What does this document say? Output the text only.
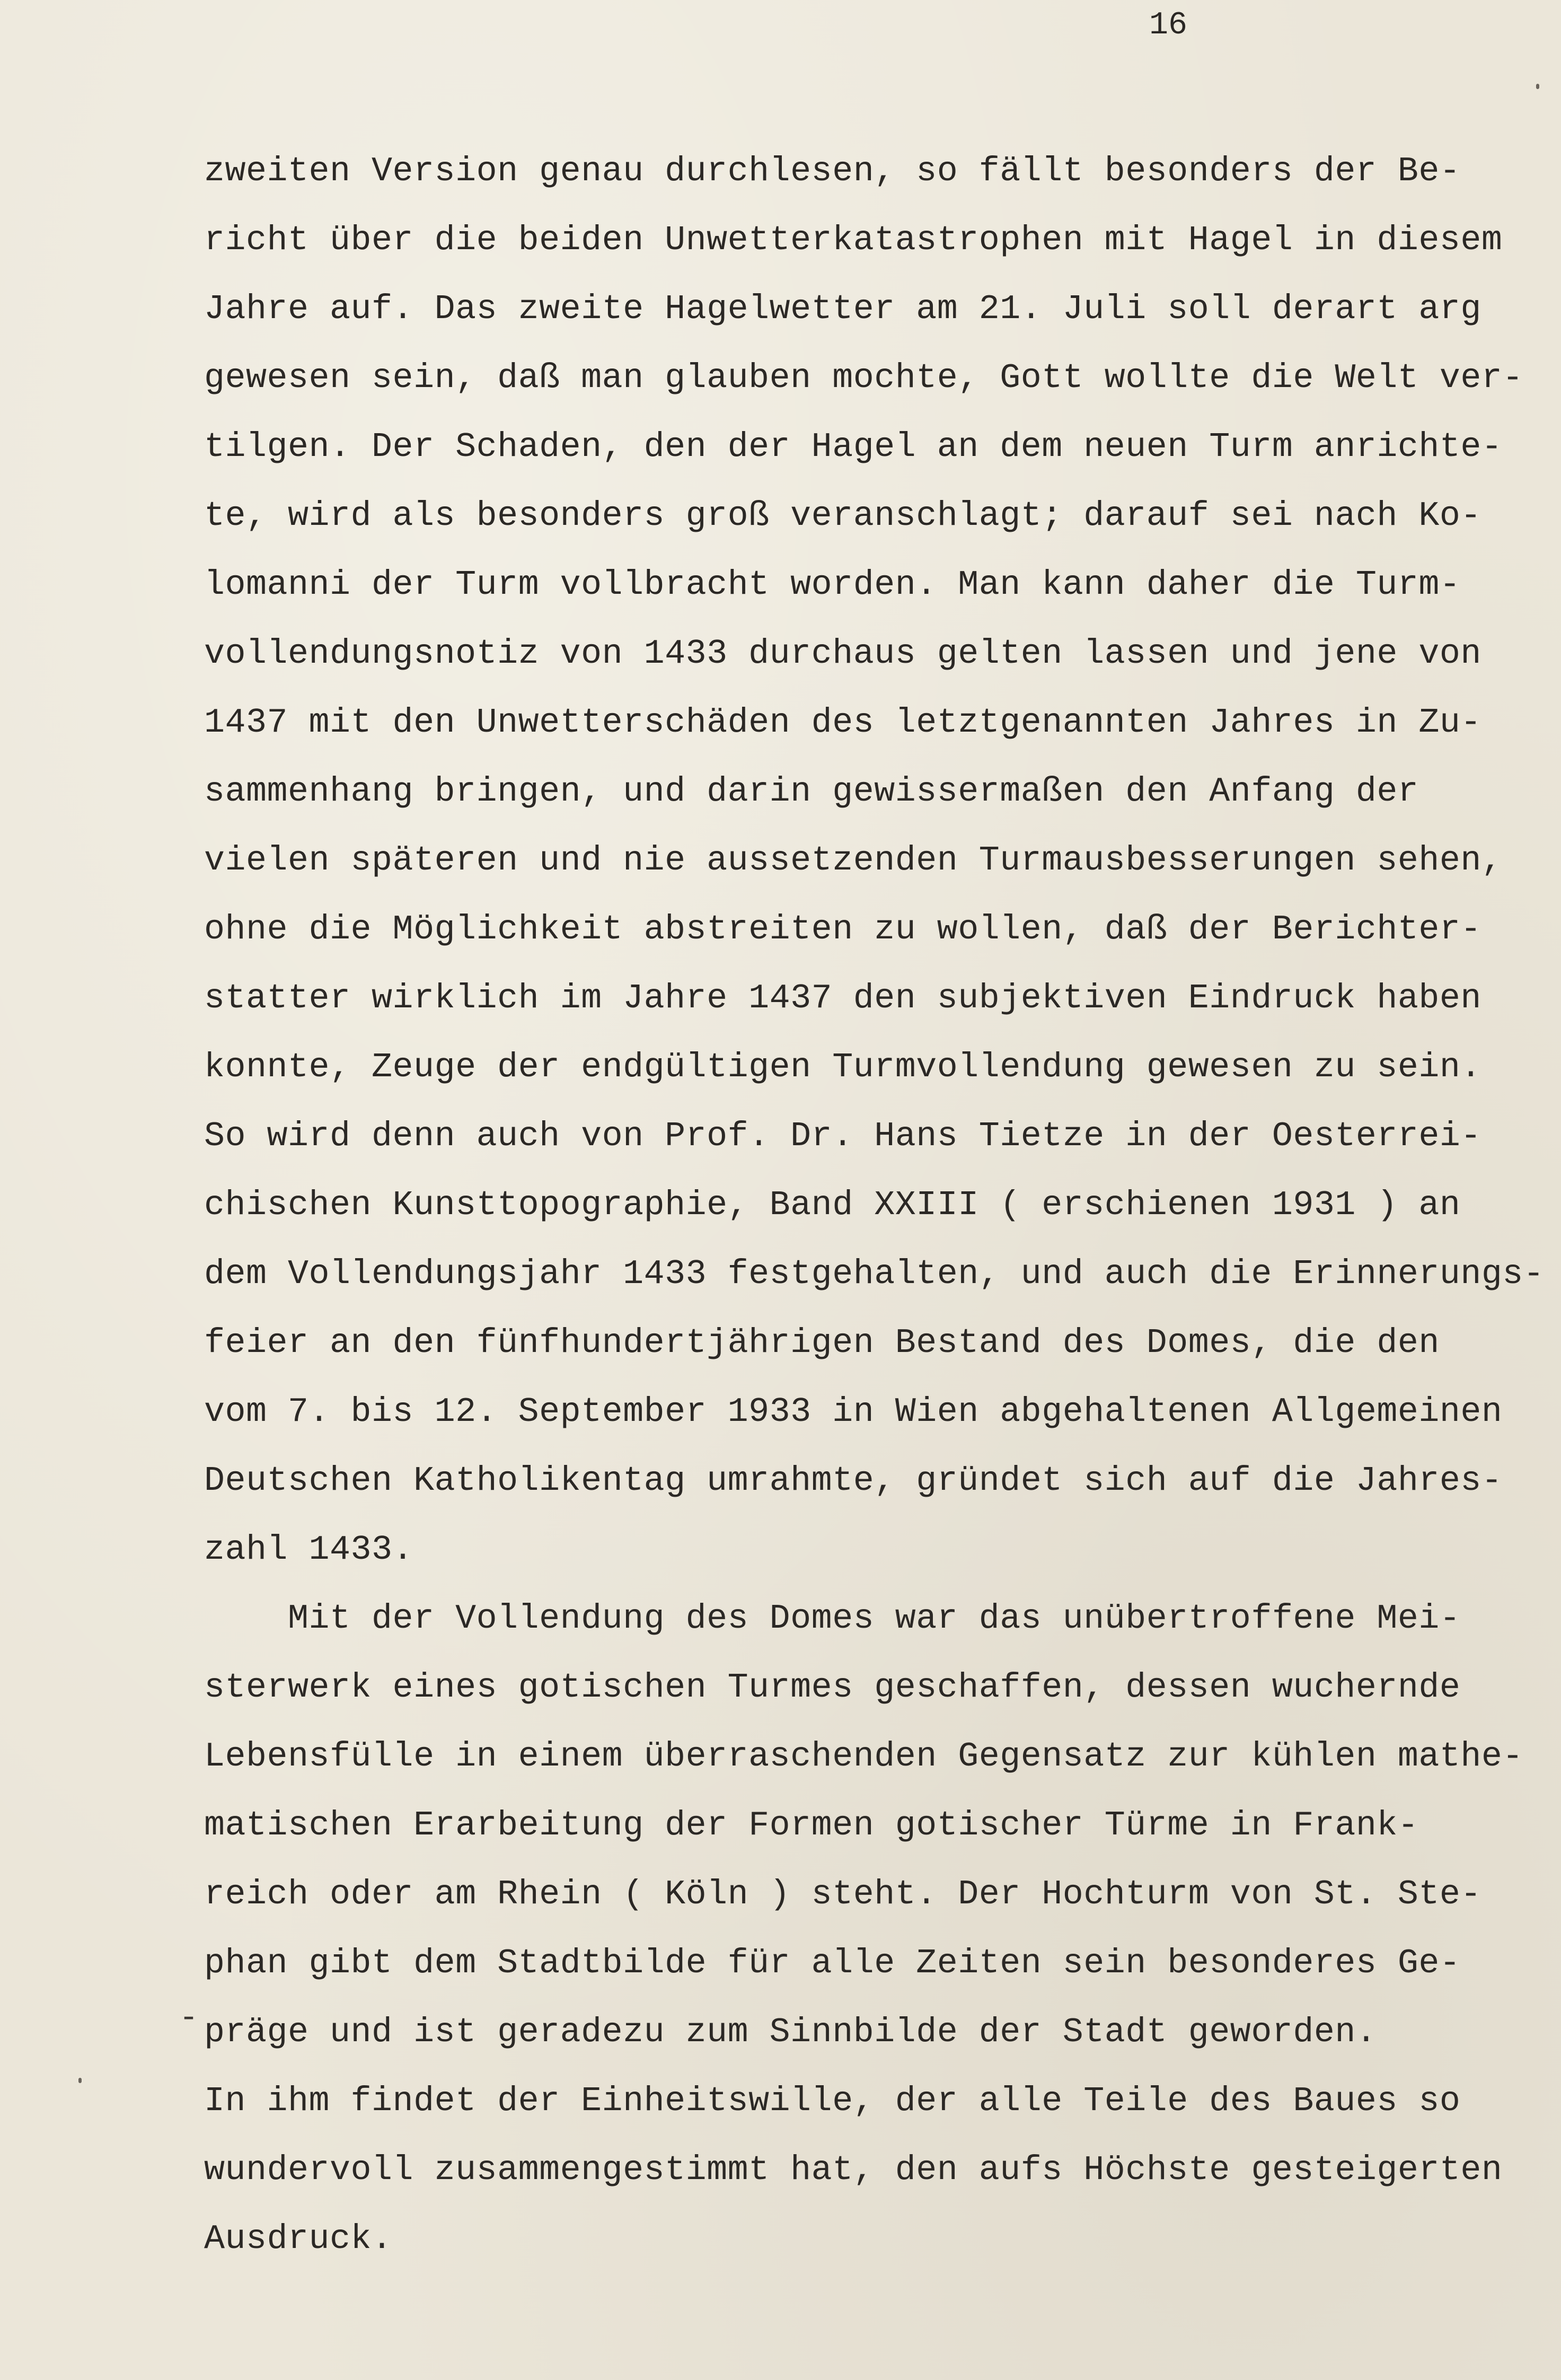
16

-
zweiten Version genau durchlesen, so fällt besonders der Be-
richt über die beiden Unwetterkatastrophen mit Hagel in diesem
Jahre auf. Das zweite Hagelwetter am 21. Juli soll derart arg
gewesen sein, daß man glauben mochte, Gott wollte die Welt ver-
tilgen. Der Schaden, den der Hagel an dem neuen Turm anrichte-
te, wird als besonders groß veranschlagt; darauf sei nach Ko-
lomanni der Turm vollbracht worden. Man kann daher die Turm-
vollendungsnotiz von 1433 durchaus gelten lassen und jene von
1437 mit den Unwetterschäden des letztgenannten Jahres in Zu-
sammenhang bringen, und darin gewissermaßen den Anfang der
vielen späteren und nie aussetzenden Turmausbesserungen sehen,
ohne die Möglichkeit abstreiten zu wollen, daß der Berichter-
statter wirklich im Jahre 1437 den subjektiven Eindruck haben
konnte, Zeuge der endgültigen Turmvollendung gewesen zu sein.
So wird denn auch von Prof. Dr. Hans Tietze in der Oesterrei-
chischen Kunsttopographie, Band XXIII ( erschienen 1931 ) an
dem Vollendungsjahr 1433 festgehalten, und auch die Erinnerungs-
feier an den fünfhundertjährigen Bestand des Domes, die den
vom 7. bis 12. September 1933 in Wien abgehaltenen Allgemeinen
Deutschen Katholikentag umrahmte, gründet sich auf die Jahres-
zahl 1433.
Mit der Vollendung des Domes war das unübertroffene Mei-
sterwerk eines gotischen Turmes geschaffen, dessen wuchernde
Lebensfülle in einem überraschenden Gegensatz zur kühlen mathe-
matischen Erarbeitung der Formen gotischer Türme in Frank-
reich oder am Rhein ( Köln ) steht. Der Hochturm von St. Ste-
phan gibt dem Stadtbilde für alle Zeiten sein besonderes Ge-
präge und ist geradezu zum Sinnbilde der Stadt geworden.
In ihm findet der Einheitswille, der alle Teile des Baues so
wundervoll zusammengestimmt hat, den aufs Höchste gesteigerten
Ausdruck.
